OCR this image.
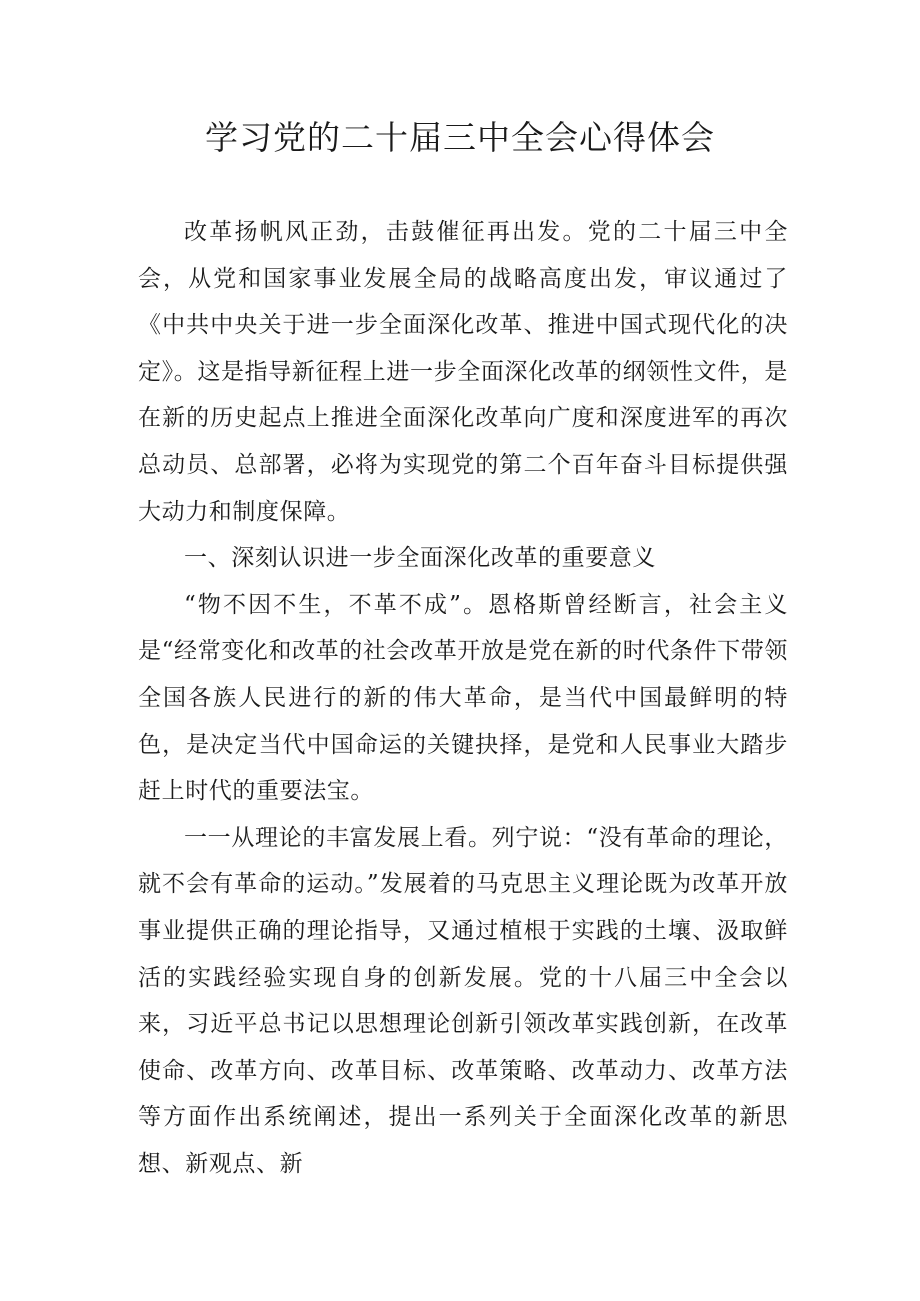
学习党的二十届三中全会心得体会

改革扬帆风正劲，击鼓催征再出发。党的二十届三中全会，从党和国家事业发展全局的战略高度出发，审议通过了《中共中央关于进一步全面深化改革、推进中国式现代化的决定》。这是指导新征程上进一步全面深化改革的纲领性文件，是在新的历史起点上推进全面深化改革向广度和深度进军的再次总动员、总部署，必将为实现党的第二个百年奋斗目标提供强大动力和制度保障。

一、深刻认识进一步全面深化改革的重要意义

“物不因不生，不革不成”。恩格斯曾经断言，社会主义是“经常变化和改革的社会改革开放是党在新的时代条件下带领全国各族人民进行的新的伟大革命，是当代中国最鲜明的特色，是决定当代中国命运的关键抉择，是党和人民事业大踏步赶上时代的重要法宝。

一一从理论的丰富发展上看。列宁说：“没有革命的理论，就不会有革命的运动。”发展着的马克思主义理论既为改革开放事业提供正确的理论指导，又通过植根于实践的土壤、汲取鲜活的实践经验实现自身的创新发展。党的十八届三中全会以来，习近平总书记以思想理论创新引领改革实践创新，在改革使命、改革方向、改革目标、改革策略、改革动力、改革方法等方面作出系统阐述，提出一系列关于全面深化改革的新思想、新观点、新
